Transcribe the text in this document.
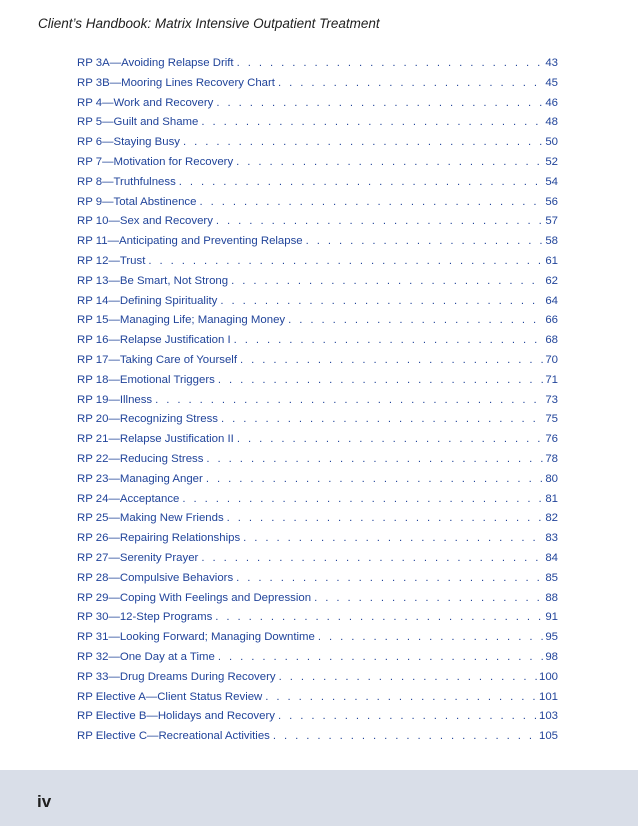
Client’s Handbook: Matrix Intensive Outpatient Treatment
RP 3A—Avoiding Relapse Drift . . .	43
RP 3B—Mooring Lines Recovery Chart . . .	45
RP 4—Work and Recovery . . .	46
RP 5—Guilt and Shame . . .	48
RP 6—Staying Busy . . .	50
RP 7—Motivation for Recovery . . .	52
RP 8—Truthfulness . . .	54
RP 9—Total Abstinence . . .	56
RP 10—Sex and Recovery . . .	57
RP 11—Anticipating and Preventing Relapse . . .	58
RP 12—Trust . . .	61
RP 13—Be Smart, Not Strong . . .	62
RP 14—Defining Spirituality . . .	64
RP 15—Managing Life; Managing Money . . .	66
RP 16—Relapse Justification I . . .	68
RP 17—Taking Care of Yourself . . .	70
RP 18—Emotional Triggers . . .	71
RP 19—Illness . . .	73
RP 20—Recognizing Stress . . .	75
RP 21—Relapse Justification II . . .	76
RP 22—Reducing Stress . . .	78
RP 23—Managing Anger . . .	80
RP 24—Acceptance . . .	81
RP 25—Making New Friends . . .	82
RP 26—Repairing Relationships . . .	83
RP 27—Serenity Prayer . . .	84
RP 28—Compulsive Behaviors . . .	85
RP 29—Coping With Feelings and Depression . . .	88
RP 30—12-Step Programs . . .	91
RP 31—Looking Forward; Managing Downtime . . .	95
RP 32—One Day at a Time . . .	98
RP 33—Drug Dreams During Recovery . . .	100
RP Elective A—Client Status Review . . .	101
RP Elective B—Holidays and Recovery . . .	103
RP Elective C—Recreational Activities . . .	105
iv
